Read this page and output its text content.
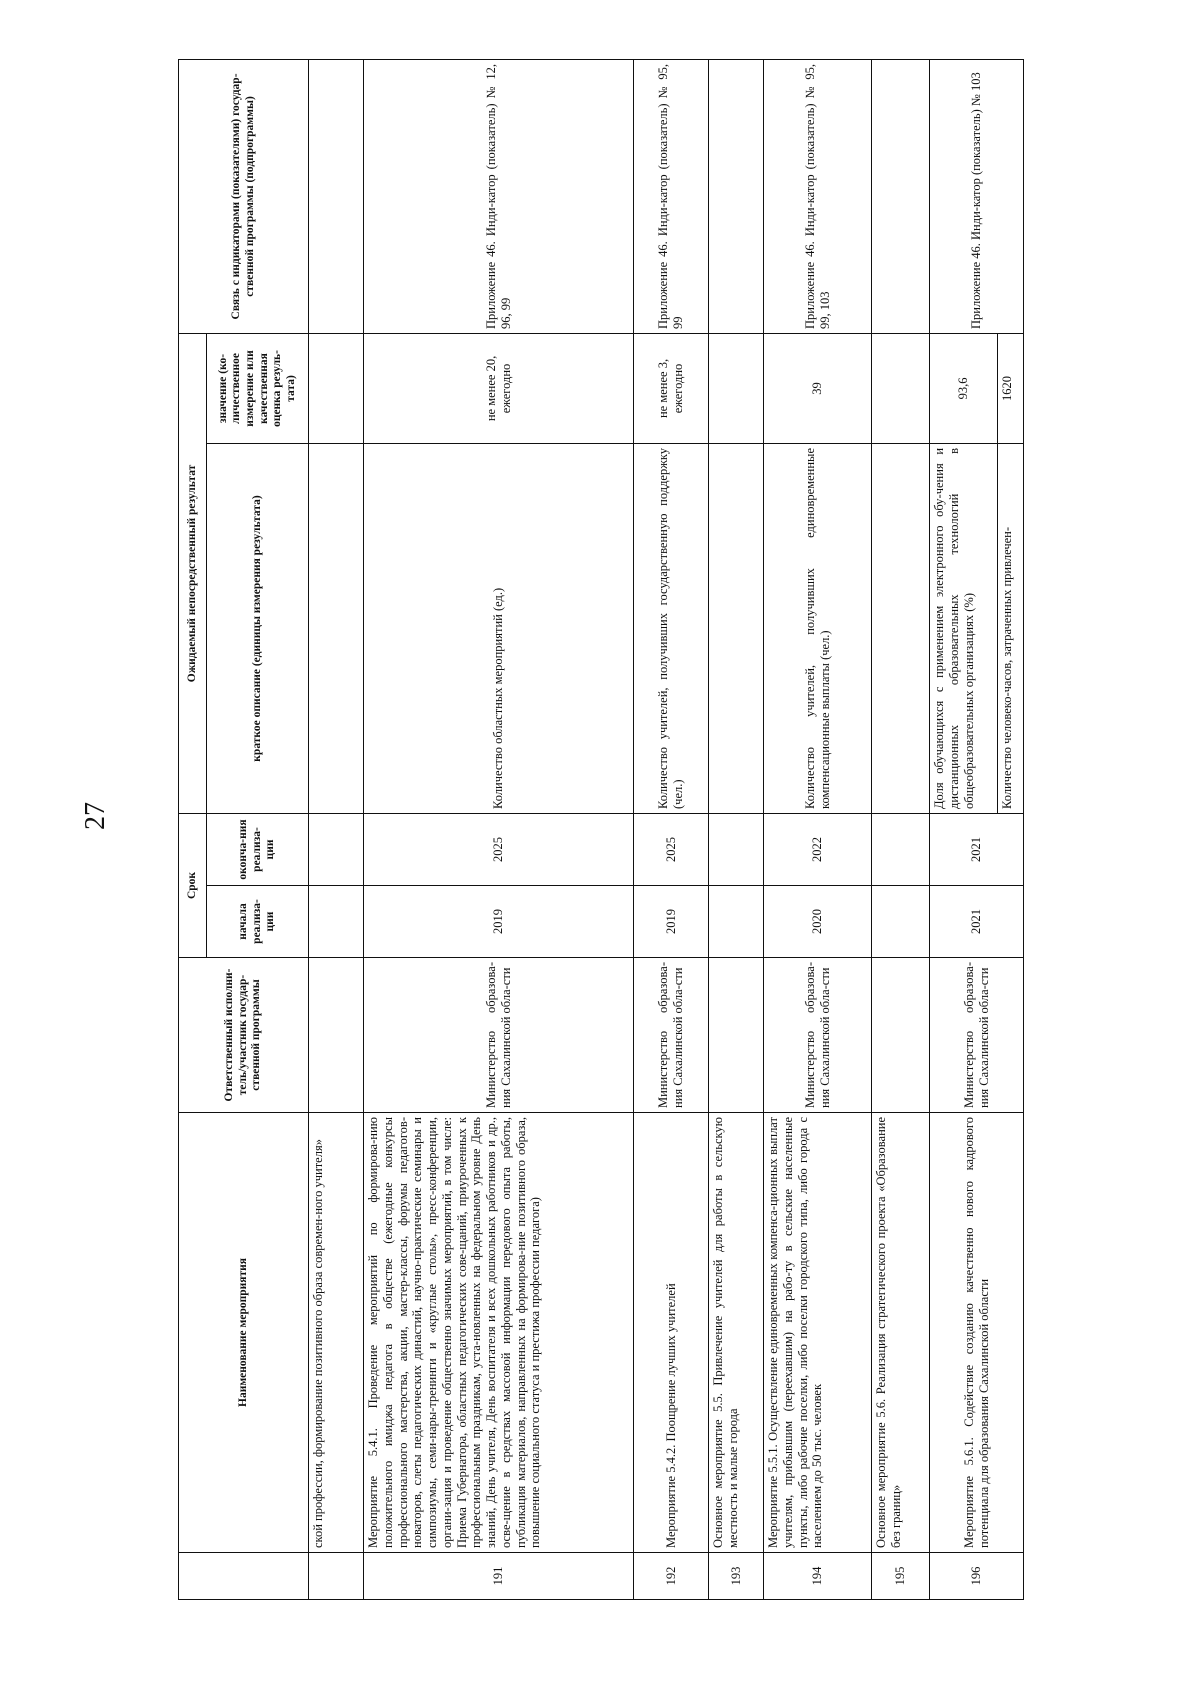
27
	Наименование мероприятия	Ответственный исполни-тель/участник государ-ственной программы	Срок		Ожидаемый непосредственный результат		Связь с индикаторами (показателями) государ-ственной программы (подпрограммы)
			начала реализа-ции	оконча-ния реализа-ции	краткое описание (единицы измерения результата)	значение (ко-личественное измерение или качественная оценка резуль-тата)	
	ской профессии, формирование позитивного образа современ-ного учителя»						
191	Мероприятие 5.4.1. Проведение мероприятий по формирова-нию положительного имиджа педагога в обществе (ежегодные конкурсы профессионального мастерства, акции, мастер-классы, форумы педагогов-новаторов, слеты педагогических династий, научно-практические семинары и симпозиумы, семи-нары-тренинги и «круглые столы», пресс-конференции, органи-зация и проведение общественно значимых мероприятий, в том числе: Приема Губернатора, областных педагогических сове-щаний, приуроченных к профессиональным праздникам, уста-новленных на федеральном уровне День знаний, День учителя, День воспитателя и всех дошкольных работников и др., осве-щение в средствах массовой информации передового опыта работы, публикация материалов, направленных на формирова-ние позитивного образа, повышение социального статуса и престижа профессии педагога)	Министерство образова-ния Сахалинской обла-сти	2019	2025	Количество областных мероприятий (ед.)	не менее 20, ежегодно	Приложение 46. Инди-катор (показатель) № 12, 96, 99
192	Мероприятие 5.4.2. Поощрение лучших учителей	Министерство образова-ния Сахалинской обла-сти	2019	2025	Количество учителей, получивших государственную поддержку (чел.)	не менее 3, ежегодно	Приложение 46. Инди-катор (показатель) № 95, 99
193	Основное мероприятие 5.5. Привлечение учителей для работы в сельскую местность и малые города						
194	Мероприятие 5.5.1. Осуществление единовременных компенса-ционных выплат учителям, прибывшим (переехавшим) на рабо-ту в сельские населенные пункты, либо рабочие поселки, либо поселки городского типа, либо города с населением до 50 тыс. человек	Министерство образова-ния Сахалинской обла-сти	2020	2022	Количество учителей, получивших единовременные компенсационные выплаты (чел.)	39	Приложение 46. Инди-катор (показатель) № 95, 99, 103
195	Основное мероприятие 5.6. Реализация стратегического проекта «Образование без границ»						
196	Мероприятие 5.6.1. Содействие созданию качественно нового кадрового потенциала для образования Сахалинской области	Министерство образова-ния Сахалинской обла-сти	2021	2021	Доля обучающихся с применением электронного обу-чения и дистанционных образовательных технологий в общеобразовательных организациях (%)	93,6	Приложение 46. Инди-катор (показатель) № 103
					Количество человеко-часов, затраченных привлечен-	1620	
